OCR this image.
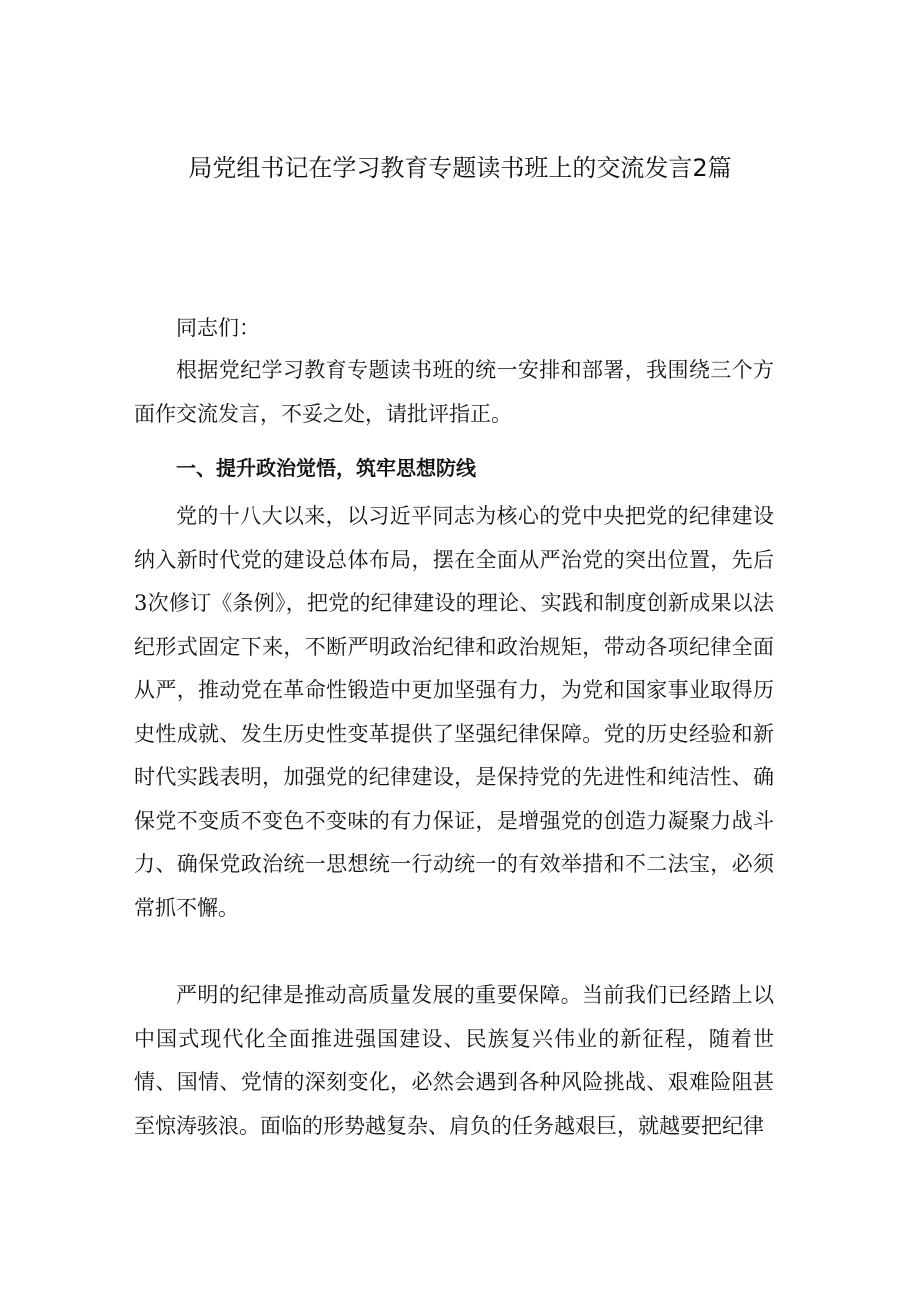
局党组书记在学习教育专题读书班上的交流发言2篇
同志们：

根据党纪学习教育专题读书班的统一安排和部署，我围绕三个方面作交流发言，不妥之处，请批评指正。

一、提升政治觉悟，筑牢思想防线

党的十八大以来，以习近平同志为核心的党中央把党的纪律建设纳入新时代党的建设总体布局，摆在全面从严治党的突出位置，先后3次修订《条例》，把党的纪律建设的理论、实践和制度创新成果以法纪形式固定下来，不断严明政治纪律和政治规矩，带动各项纪律全面从严，推动党在革命性锻造中更加坚强有力，为党和国家事业取得历史性成就、发生历史性变革提供了坚强纪律保障。党的历史经验和新时代实践表明，加强党的纪律建设，是保持党的先进性和纯洁性、确保党不变质不变色不变味的有力保证，是增强党的创造力凝聚力战斗力、确保党政治统一思想统一行动统一的有效举措和不二法宝，必须常抓不懈。

严明的纪律是推动高质量发展的重要保障。当前我们已经踏上以中国式现代化全面推进强国建设、民族复兴伟业的新征程，随着世情、国情、党情的深刻变化，必然会遇到各种风险挑战、艰难险阻甚至惊涛骇浪。面临的形势越复杂、肩负的任务越艰巨，就越要把纪律
